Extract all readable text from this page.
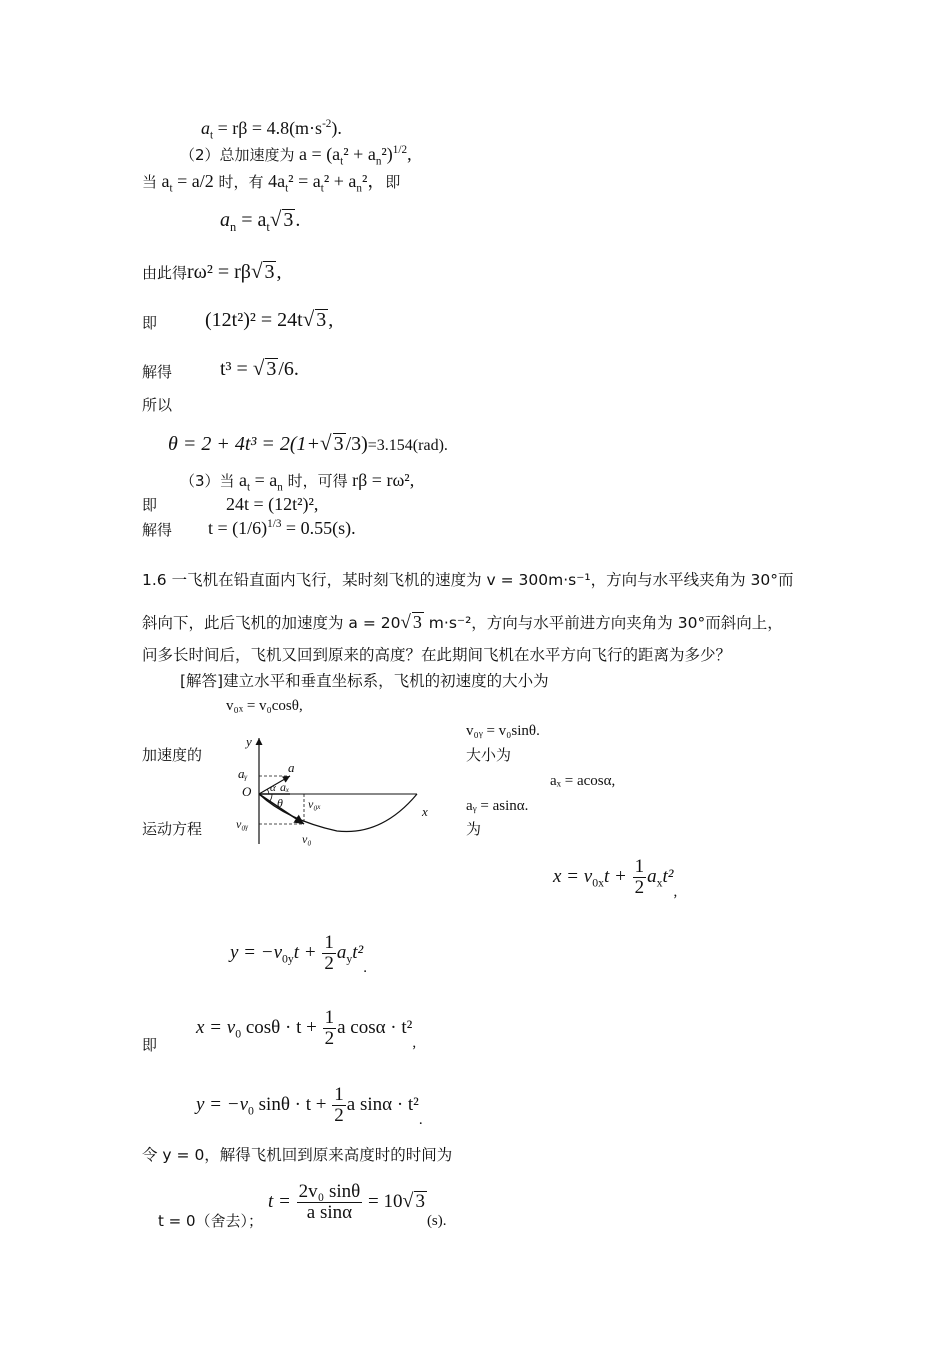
$a_t = r\beta = 4.8(m\cdot s^{-2})$.
（2）总加速度为 $a = (a_t^2 + a_n^2)^{1/2}$,
当 $a_t = a/2$ 时，有 $4a_t^2 = a_t^2 + a_n^2$，即
$a_n = a_t√$ 3 .
由此得rω² = rβ√ 3 ,
即 (12t²)² = 24t√ 3 ,
解得 t³ = √ 3 /6.
所以
θ = 2 + 4t³ = 2(1+√ 3 /3)=3.154(rad).
（3）当 $a_t = a_n$ 时，可得 rβ = rω²,
即	24t = (12t²)²,
解得 $t = (1/6)^{1/3} = 0.55(s)$.
1.6 一飞机在铅直面内飞行，某时刻飞机的速度为 v = 300m·s⁻¹，方向与水平线夹角为 30°而
斜向下，此后飞机的加速度为 a = 20√ 3 m·s⁻²，方向与水平前进方向夹角为 30°而斜向上，
问多长时间后，飞机又回到原来的高度？在此期间飞机在水平方向飞行的距离为多少？
[解答]建立水平和垂直坐标系，飞机的初速度的大小为
v₀ₓ = v₀cosθ,
v₀ᵧ = v₀sinθ.
加速度的	大小为
aₓ = acosα,
aᵧ = asinα.
运动方程	为
y
aᵧ	a
α aₓ
O
θ v₀ₓ	x
v₀ᵧ
v₀
$x = v_{0x}t + \frac{1}{2} a_xt^2_,$
$y = -v_{0y}t + \frac{1}{2} a_yt^2_.$
即
$x = v_0$ $\cos\theta \cdot t + \frac{1}{2}$ a $\cos\alpha \cdot t^2_,$
$y = -v_0$ $\sin\theta \cdot t + \frac{1}{2}$ a $\sin\alpha \cdot t^2_.$
令 y = 0，解得飞机回到原来高度时的时间为
t = 0（舍去）；
$t = \frac{\text{2v₀ sinθ}}{\text{a sinα}} = 10√$ $3_{(s).}$
